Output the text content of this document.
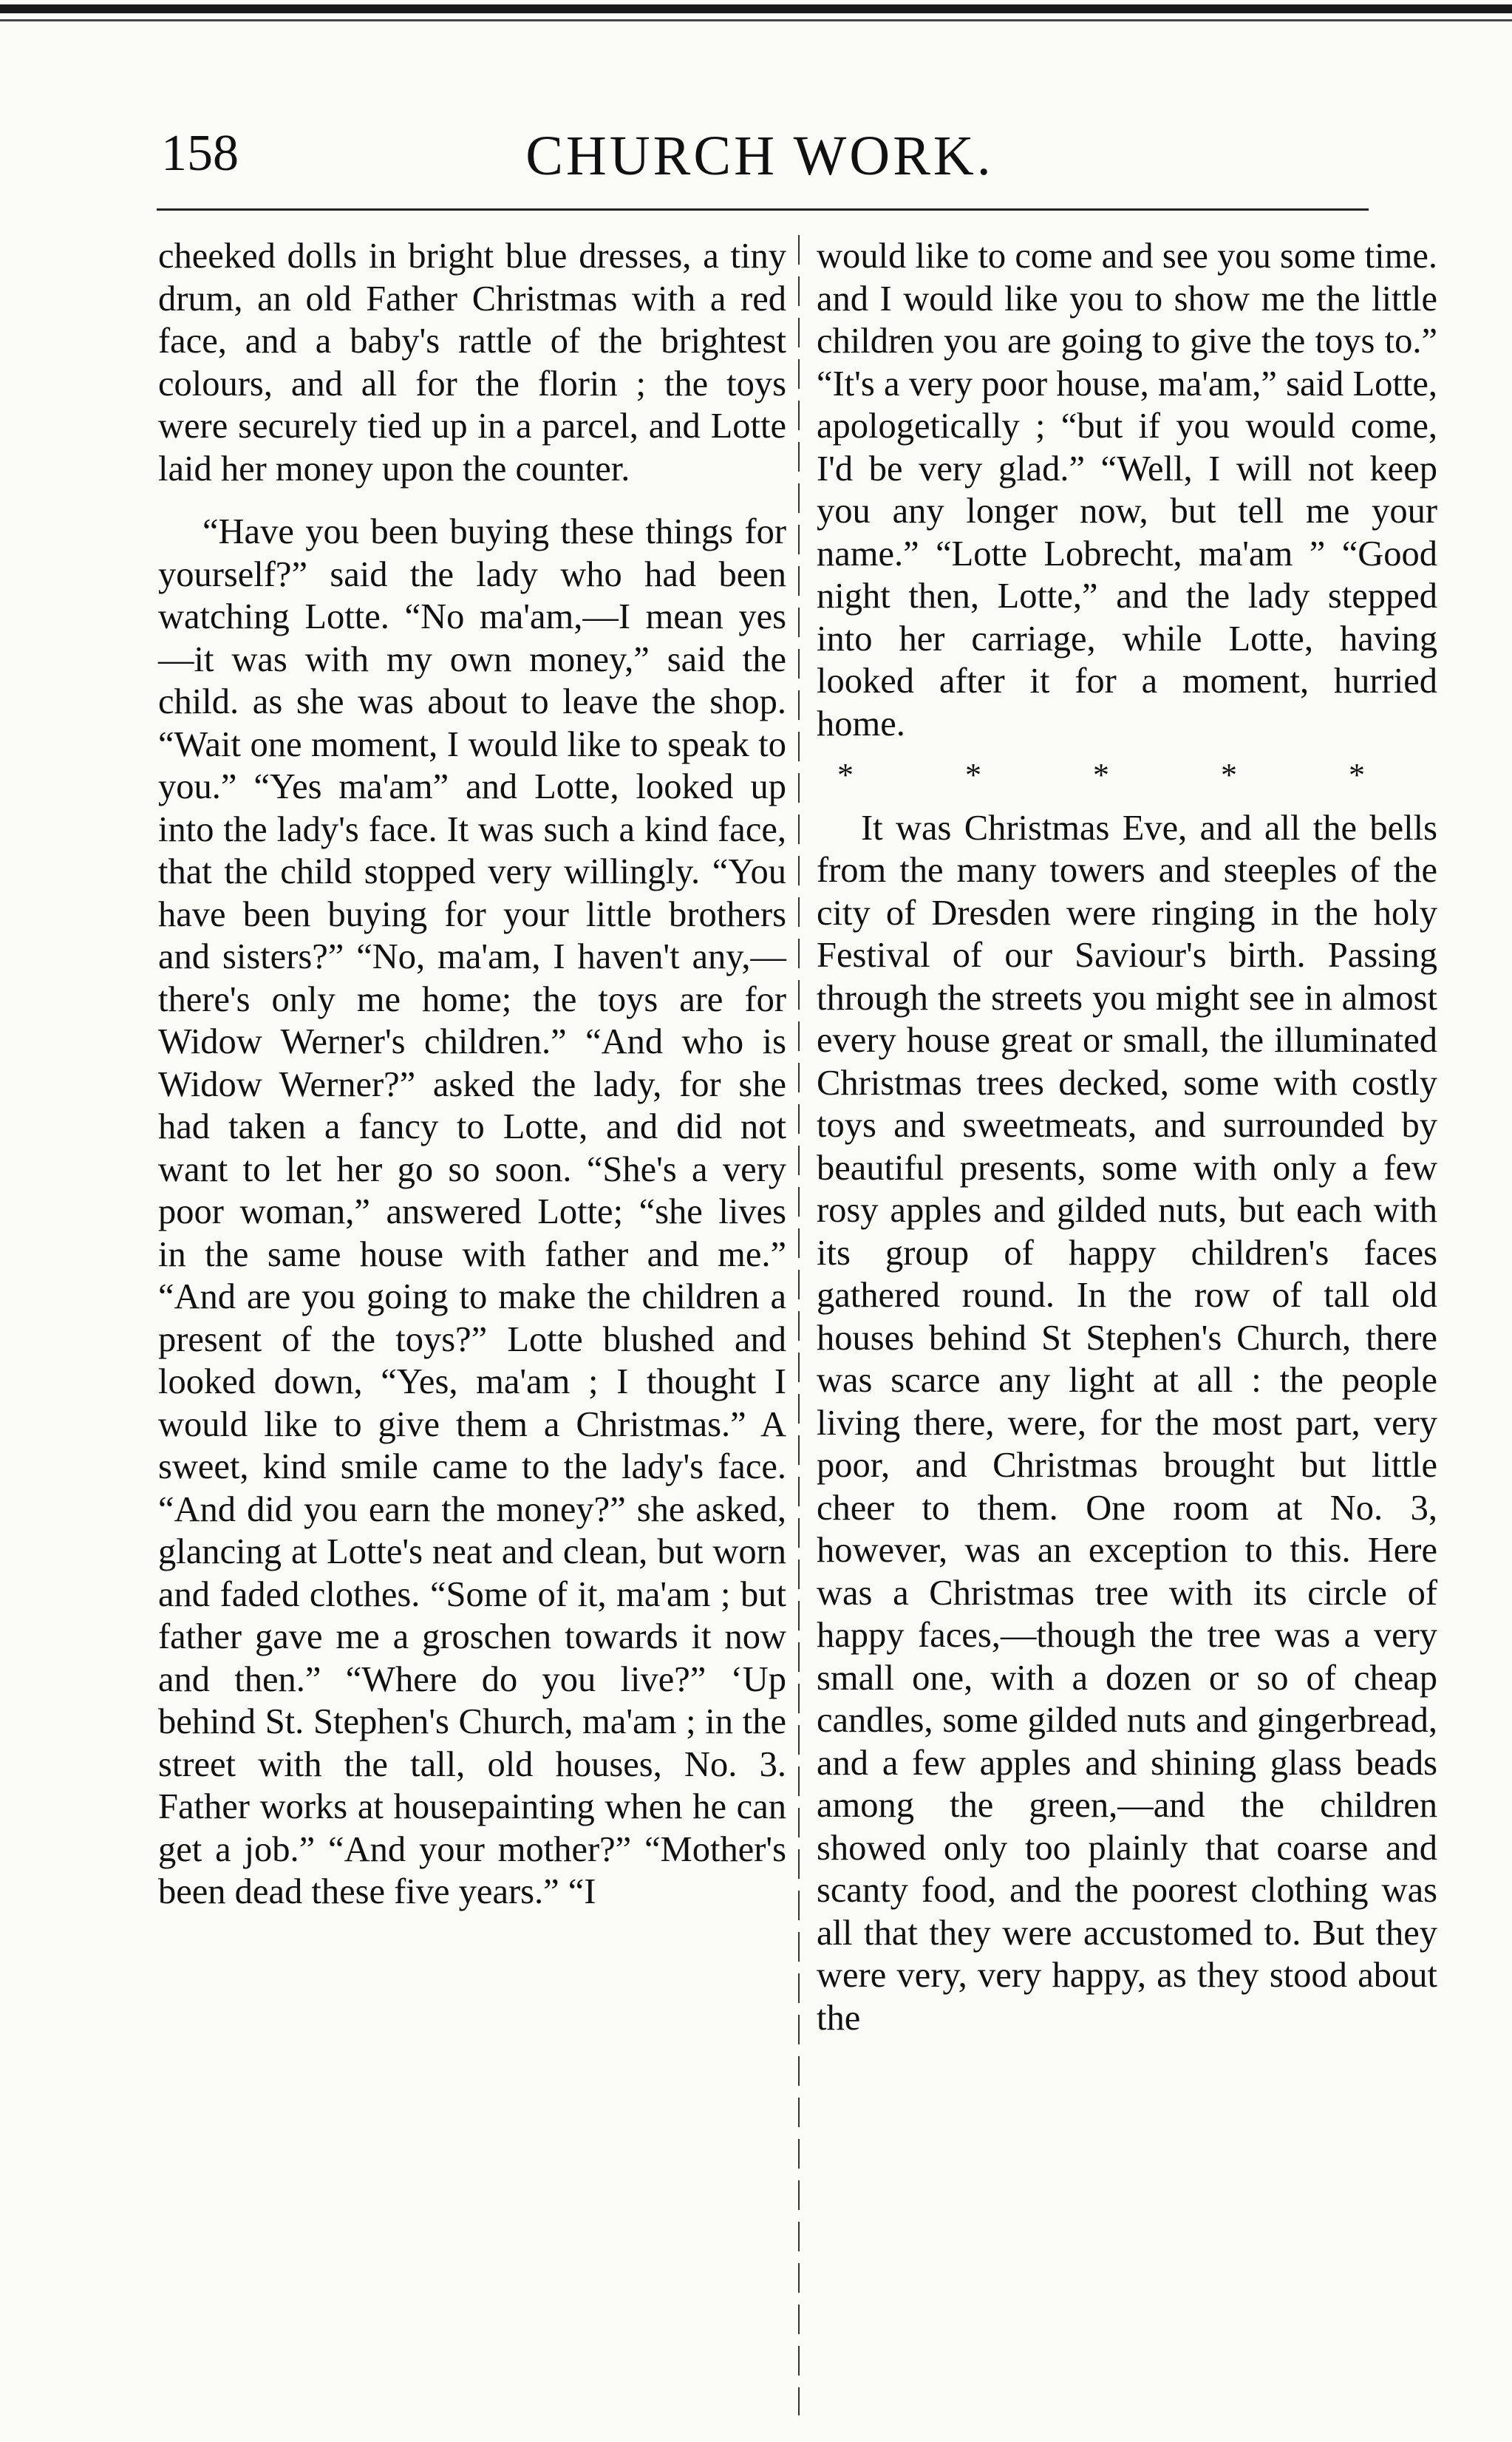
158	CHURCH WORK.

cheeked dolls in bright blue dresses, a tiny drum, an old Father Christmas with a red face, and a baby's rattle of the brightest colours, and all for the florin ; the toys were securely tied up in a parcel, and Lotte laid her money upon the counter.

“Have you been buying these things for yourself?” said the lady who had been watching Lotte. “No ma'am,—I mean yes—it was with my own money,” said the child. as she was about to leave the shop. “Wait one moment, I would like to speak to you.” “Yes ma'am” and Lotte, looked up into the lady's face. It was such a kind face, that the child stopped very willingly. “You have been buying for your little brothers and sisters?” “No, ma'am, I haven't any,—there's only me home; the toys are for Widow Werner's children.” “And who is Widow Werner?” asked the lady, for she had taken a fancy to Lotte, and did not want to let her go so soon. “She's a very poor woman,” answered Lotte; “she lives in the same house with father and me.” “And are you going to make the children a present of the toys?” Lotte blushed and looked down, “Yes, ma'am ; I thought I would like to give them a Christmas.” A sweet, kind smile came to the lady's face. “And did you earn the money?” she asked, glancing at Lotte's neat and clean, but worn and faded clothes. “Some of it, ma'am ; but father gave me a groschen towards it now and then.” “Where do you live?” ‘Up behind St. Stephen's Church, ma'am ; in the street with the tall, old houses, No. 3. Father works at housepainting when he can get a job.” “And your mother?” “Mother's been dead these five years.” “I

would like to come and see you some time. and I would like you to show me the little children you are going to give the toys to.” “It's a very poor house, ma'am,” said Lotte, apologetically ; “but if you would come, I'd be very glad.” “Well, I will not keep you any longer now, but tell me your name.” “Lotte Lobrecht, ma'am ” “Good night then, Lotte,” and the lady stepped into her carriage, while Lotte, having looked after it for a moment, hurried home.

* * * * *

It was Christmas Eve, and all the bells from the many towers and steeples of the city of Dresden were ringing in the holy Festival of our Saviour's birth. Passing through the streets you might see in almost every house great or small, the illuminated Christmas trees decked, some with costly toys and sweetmeats, and surrounded by beautiful presents, some with only a few rosy apples and gilded nuts, but each with its group of happy children's faces gathered round. In the row of tall old houses behind St Stephen's Church, there was scarce any light at all : the people living there, were, for the most part, very poor, and Christmas brought but little cheer to them. One room at No. 3, however, was an exception to this. Here was a Christmas tree with its circle of happy faces,—though the tree was a very small one, with a dozen or so of cheap candles, some gilded nuts and gingerbread, and a few apples and shining glass beads among the green,—and the children showed only too plainly that coarse and scanty food, and the poorest clothing was all that they were accustomed to. But they were very, very happy, as they stood about the
